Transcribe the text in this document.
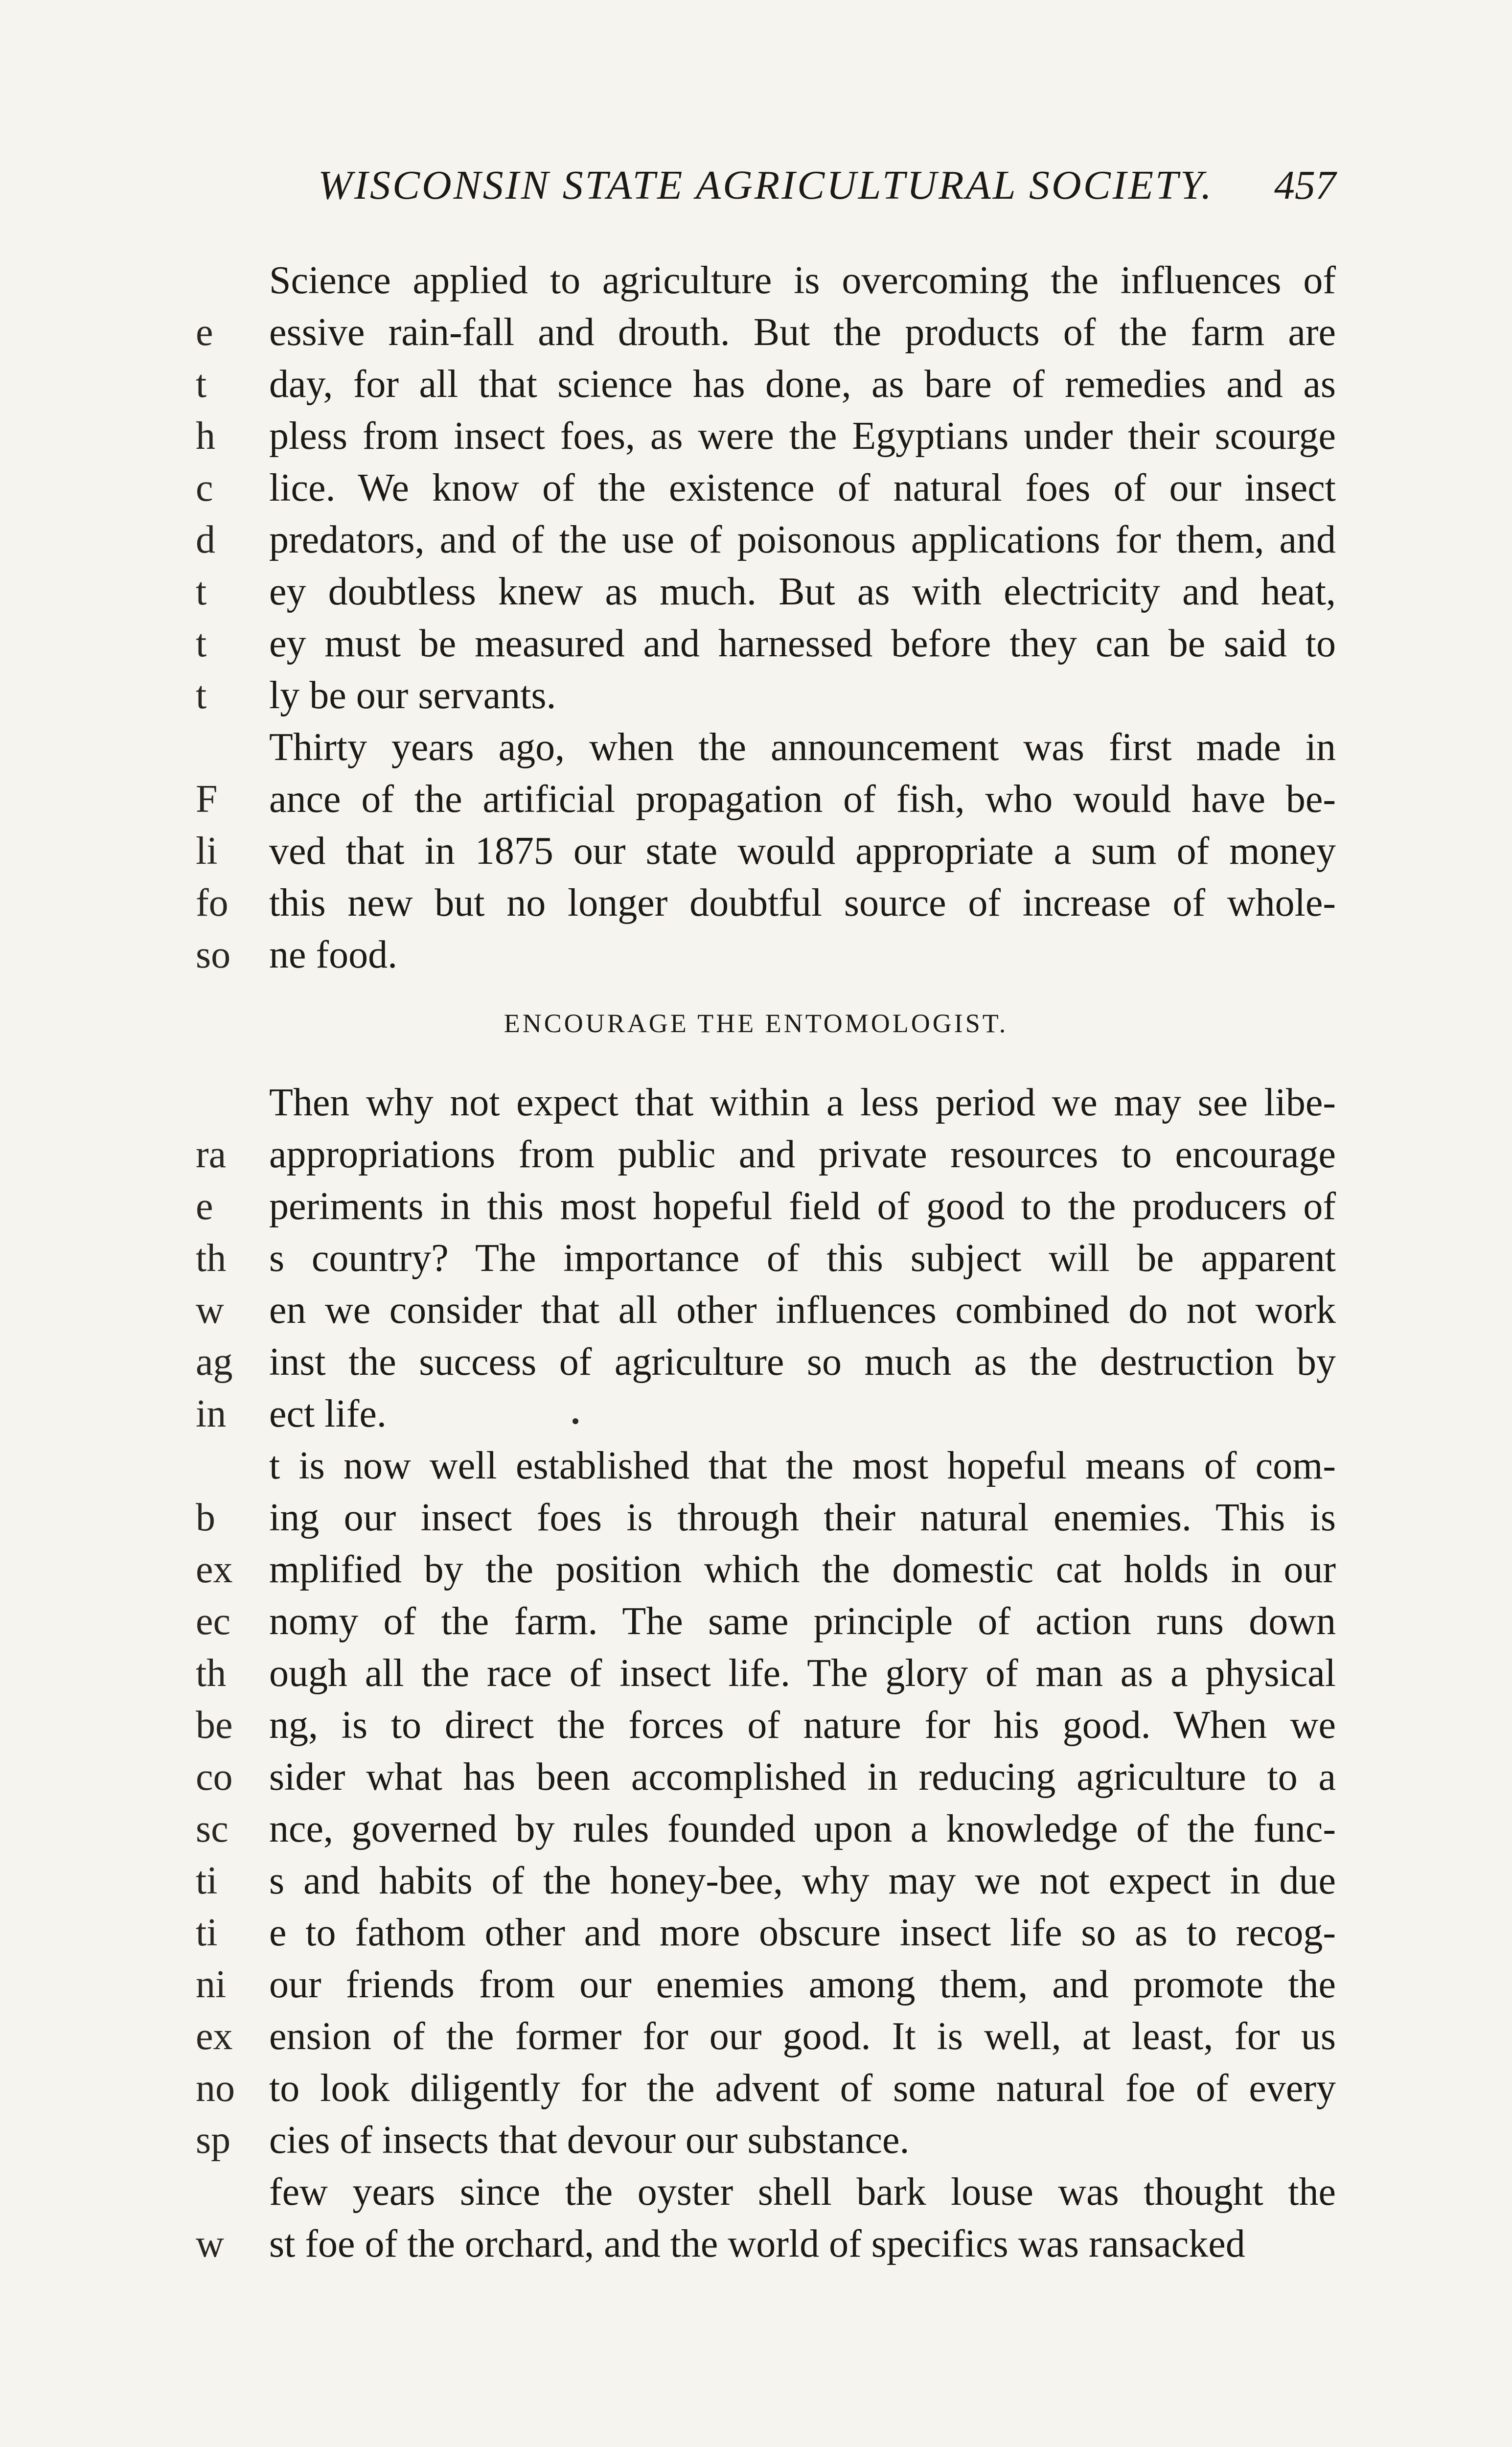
WISCONSIN STATE AGRICULTURAL SOCIETY. 457
Science applied to agriculture is overcoming the influences of
e	essive rain-fall and drouth. But the products of the farm are
t	day, for all that science has done, as bare of remedies and as
h	pless from insect foes, as were the Egyptians under their scourge
c	lice. We know of the existence of natural foes of our insect
d	predators, and of the use of poisonous applications for them, and
t	ey doubtless knew as much. But as with electricity and heat,
t	ey must be measured and harnessed before they can be said to
t	ly be our servants.
Thirty years ago, when the announcement was first made in
F	ance of the artificial propagation of fish, who would have be-
li	ved that in 1875 our state would appropriate a sum of money
fo	this new but no longer doubtful source of increase of whole-
so ne food.
ENCOURAGE THE ENTOMOLOGIST.
Then why not expect that within a less period we may see libe-
ra	appropriations from public and private resources to encourage
e	periments in this most hopeful field of good to the producers of
th	s country? The importance of this subject will be apparent
w	en we consider that all other influences combined do not work
ag inst the success of agriculture so much as the destruction by
in	ect life.
t is now well established that the most hopeful means of com-
b	ing our insect foes is through their natural enemies. This is
ex mplified by the position which the domestic cat holds in our
ec nomy of the farm. The same principle of action runs down
th	ough all the race of insect life. The glory of man as a physical
be ng, is to direct the forces of nature for his good. When we
co sider what has been accomplished in reducing agriculture to a
sc	nce, governed by rules founded upon a knowledge of the func-
ti	s and habits of the honey-bee, why may we not expect in due
ti	e to fathom other and more obscure insect life so as to recog-
ni	our friends from our enemies among them, and promote the
ex ension of the former for our good. It is well, at least, for us
no to look diligently for the advent of some natural foe of every
sp cies of insects that devour our substance.
few years since the oyster shell bark louse was thought the
w	st foe of the orchard, and the world of specifics was ransacked
